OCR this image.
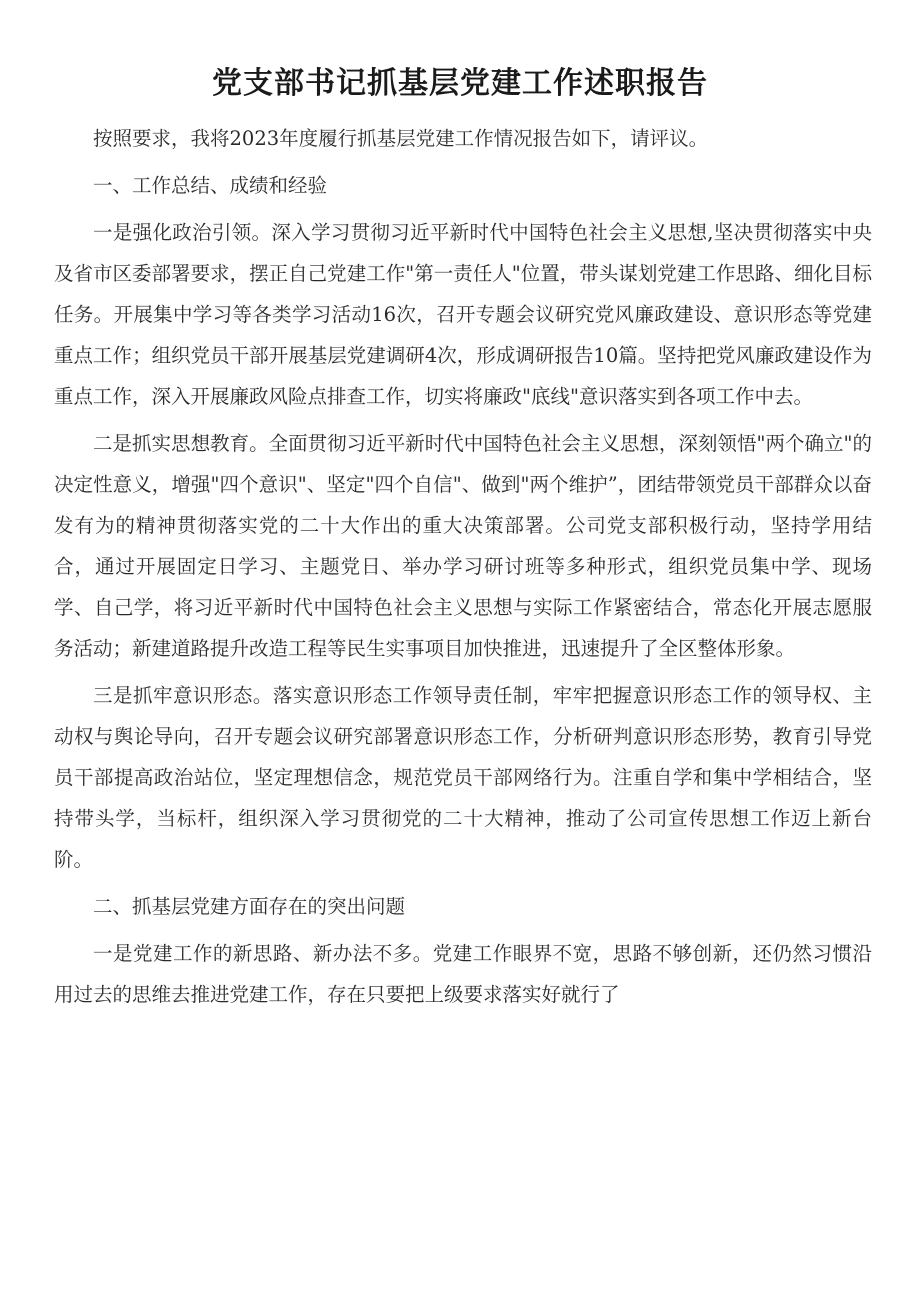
党支部书记抓基层党建工作述职报告

按照要求，我将2023年度履行抓基层党建工作情况报告如下，请评议。

一、工作总结、成绩和经验

一是强化政治引领。深入学习贯彻习近平新时代中国特色社会主义思想,坚决贯彻落实中央及省市区委部署要求，摆正自己党建工作"第一责任人"位置，带头谋划党建工作思路、细化目标任务。开展集中学习等各类学习活动16次，召开专题会议研究党风廉政建设、意识形态等党建重点工作；组织党员干部开展基层党建调研4次，形成调研报告10篇。坚持把党风廉政建设作为重点工作，深入开展廉政风险点排查工作，切实将廉政"底线"意识落实到各项工作中去。

二是抓实思想教育。全面贯彻习近平新时代中国特色社会主义思想，深刻领悟"两个确立"的决定性意义，增强"四个意识"、坚定"四个自信"、做到"两个维护”，团结带领党员干部群众以奋发有为的精神贯彻落实党的二十大作出的重大决策部署。公司党支部积极行动，坚持学用结合，通过开展固定日学习、主题党日、举办学习研讨班等多种形式，组织党员集中学、现场学、自己学，将习近平新时代中国特色社会主义思想与实际工作紧密结合，常态化开展志愿服务活动；新建道路提升改造工程等民生实事项目加快推进，迅速提升了全区整体形象。

三是抓牢意识形态。落实意识形态工作领导责任制，牢牢把握意识形态工作的领导权、主动权与舆论导向，召开专题会议研究部署意识形态工作，分析研判意识形态形势，教育引导党员干部提高政治站位，坚定理想信念，规范党员干部网络行为。注重自学和集中学相结合，坚持带头学，当标杆，组织深入学习贯彻党的二十大精神，推动了公司宣传思想工作迈上新台阶。

二、抓基层党建方面存在的突出问题

一是党建工作的新思路、新办法不多。党建工作眼界不宽，思路不够创新，还仍然习惯沿用过去的思维去推进党建工作，存在只要把上级要求落实好就行了
